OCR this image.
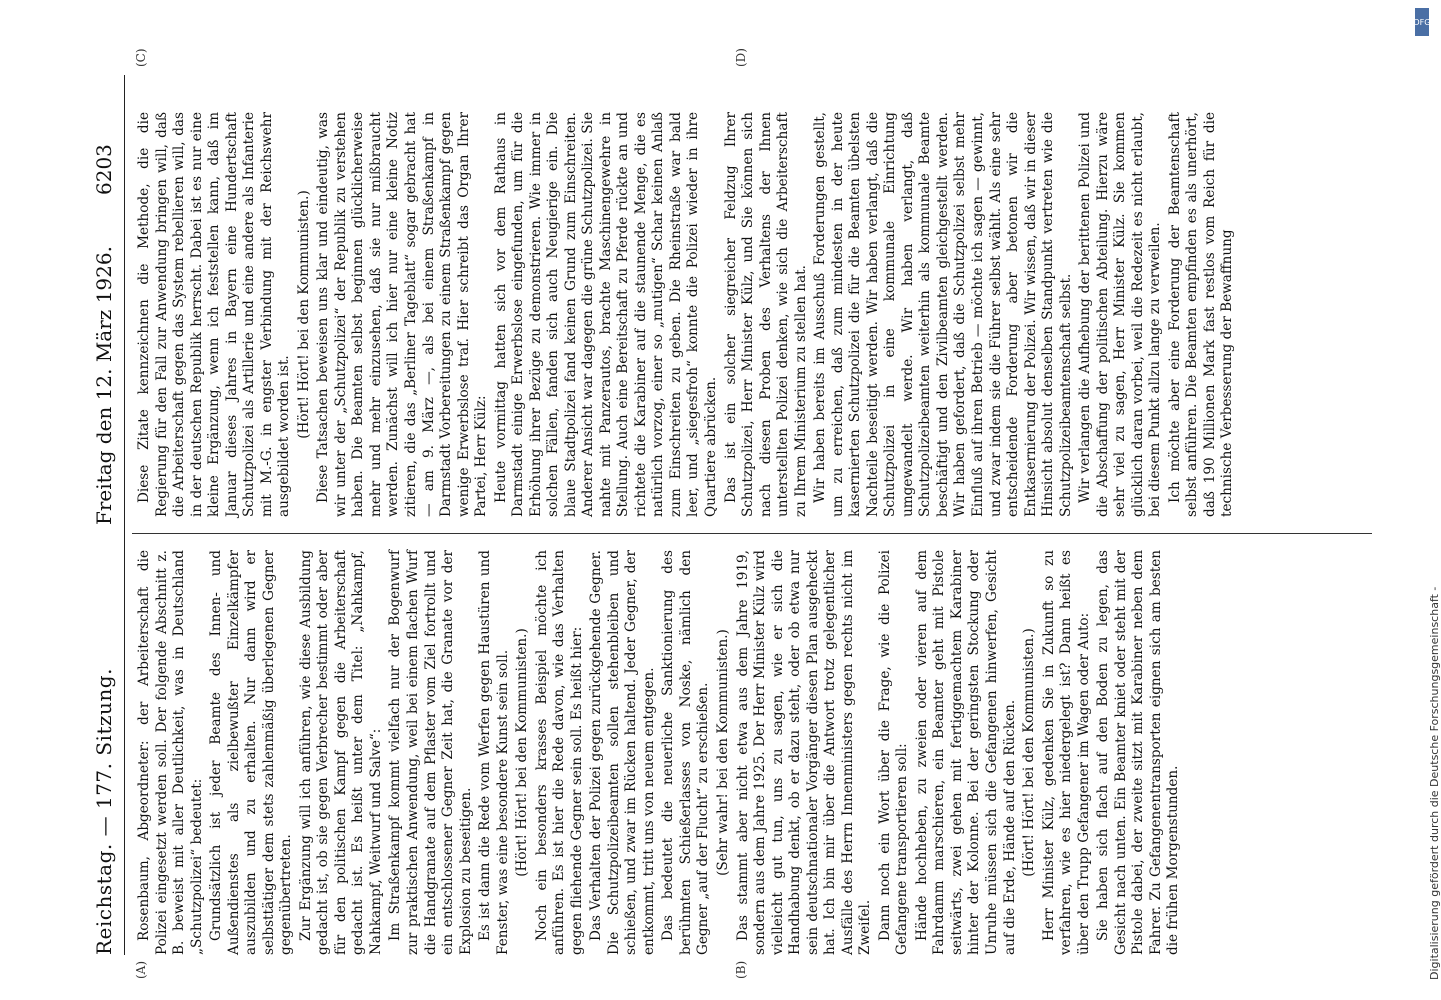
Reichstag. — 177. Sitzung.
Freitag den 12. März 1926.
6203
(A)	(B)
(C)	(D)

Rosenbaum, Abgeordneter: der Arbeiterschaft die Polizei eingesetzt werden soll. Der folgende Abschnitt z. B. beweist mit aller Deutlichkeit, was in Deutschland „Schutzpolizei“ bedeutet: Grundsätzlich ist jeder Beamte des Innen- und Außendienstes als zielbewußter Einzelkämpfer auszubilden und zu erhalten. Nur dann wird er selbsttätiger dem stets zahlenmäßig überlegenen Gegner gegenübertreten. Zur Ergänzung will ich anführen, wie diese Ausbildung gedacht ist, ob sie gegen Verbrecher bestimmt oder aber für den politischen Kampf gegen die Arbeiterschaft gedacht ist. Es heißt unter dem Titel: „Nahkampf, Nahkampf, Weitwurf und Salve“: Im Straßenkampf kommt vielfach nur der Bogenwurf zur praktischen Anwendung, weil bei einem flachen Wurf die Handgranate auf dem Pflaster vom Ziel fortrollt und ein entschlossener Gegner Zeit hat, die Granate vor der Explosion zu beseitigen. Es ist dann die Rede vom Werfen gegen Haustüren und Fenster, was eine besondere Kunst sein soll. (Hört! Hört! bei den Kommunisten.) Noch ein besonders krasses Beispiel möchte ich anführen. Es ist hier die Rede davon, wie das Verhalten gegen fliehende Gegner sein soll. Es heißt hier: Das Verhalten der Polizei gegen zurückgehende Gegner. Die Schutzpolizeibeamten sollen stehenbleiben und schießen, und zwar im Rücken haltend. Jeder Gegner, der entkommt, tritt uns von neuem entgegen. Das bedeutet die neuerliche Sanktionierung des berühmten Schießerlasses von Noske, nämlich den Gegner „auf der Flucht“ zu erschießen. (Sehr wahr! bei den Kommunisten.) Das stammt aber nicht etwa aus dem Jahre 1919, sondern aus dem Jahre 1925. Der Herr Minister Külz wird vielleicht gut tun, uns zu sagen, wie er sich die Handhabung denkt, ob er dazu steht, oder ob etwa nur sein deutschnationaler Vorgänger diesen Plan ausgeheckt hat. Ich bin mir über die Antwort trotz gelegentlicher Ausfälle des Herrn Innenministers gegen rechts nicht im Zweifel. Dann noch ein Wort über die Frage, wie die Polizei Gefangene transportieren soll: Hände hochheben, zu zweien oder vieren auf dem Fahrdamm marschieren, ein Beamter geht mit Pistole seitwärts, zwei gehen mit fertiggemachtem Karabiner hinter der Kolonne. Bei der geringsten Stockung oder Unruhe müssen sich die Gefangenen hinwerfen, Gesicht auf die Erde, Hände auf den Rücken. (Hört! Hört! bei den Kommunisten.) Herr Minister Külz, gedenken Sie in Zukunft so zu verfahren, wie es hier niedergelegt ist? Dann heißt es über den Trupp Gefangener im Wagen oder Auto: Sie haben sich flach auf den Boden zu legen, das Gesicht nach unten. Ein Beamter kniet oder steht mit der Pistole dabei, der zweite sitzt mit Karabiner neben dem Fahrer. Zu Gefangenentransporten eignen sich am besten die frühen Morgenstunden.

Diese Zitate kennzeichnen die Methode, die die Regierung für den Fall zur Anwendung bringen will, daß die Arbeiterschaft gegen das System rebellieren will, das in der deutschen Republik herrscht. Dabei ist es nur eine kleine Ergänzung, wenn ich feststellen kann, daß im Januar dieses Jahres in Bayern eine Hundertschaft Schutzpolizei als Artillerie und eine andere als Infanterie mit M.-G. in engster Verbindung mit der Reichswehr ausgebildet worden ist. (Hört! Hört! bei den Kommunisten.) Diese Tatsachen beweisen uns klar und eindeutig, was wir unter der „Schutzpolizei“ der Republik zu verstehen haben. Die Beamten selbst beginnen glücklicherweise mehr und mehr einzusehen, daß sie nur mißbraucht werden. Zunächst will ich hier nur eine kleine Notiz zitieren, die das „Berliner Tageblatt“ sogar gebracht hat — am 9. März —, als bei einem Straßenkampf in Darmstadt Vorbereitungen zu einem Straßenkampf gegen wenige Erwerbslose traf. Hier schreibt das Organ Ihrer Partei, Herr Külz: Heute vormittag hatten sich vor dem Rathaus in Darmstadt einige Erwerbslose eingefunden, um für die Erhöhung ihrer Bezüge zu demonstrieren. Wie immer in solchen Fällen, fanden sich auch Neugierige ein. Die blaue Stadtpolizei fand keinen Grund zum Einschreiten. Anderer Ansicht war dagegen die grüne Schutzpolizei. Sie nahte mit Panzerautos, brachte Maschinengewehre in Stellung. Auch eine Bereitschaft zu Pferde rückte an und richtete die Karabiner auf die staunende Menge, die es natürlich vorzog, einer so „mutigen“ Schar keinen Anlaß zum Einschreiten zu geben. Die Rheinstraße war bald leer, und „siegesfroh“ konnte die Polizei wieder in ihre Quartiere abrücken. Das ist ein solcher siegreicher Feldzug Ihrer Schutzpolizei, Herr Minister Külz, und Sie können sich nach diesen Proben des Verhaltens der Ihnen unterstellten Polizei denken, wie sich die Arbeiterschaft zu Ihrem Ministerium zu stellen hat. Wir haben bereits im Ausschuß Forderungen gestellt, um zu erreichen, daß zum mindesten in der heute kasernierten Schutzpolizei die für die Beamten übelsten Nachteile beseitigt werden. Wir haben verlangt, daß die Schutzpolizei in eine kommunale Einrichtung umgewandelt werde. Wir haben verlangt, daß Schutzpolizeibeamten weiterhin als kommunale Beamte beschäftigt und den Zivilbeamten gleichgestellt werden. Wir haben gefordert, daß die Schutzpolizei selbst mehr Einfluß auf ihren Betrieb — möchte ich sagen — gewinnt, und zwar indem sie die Führer selbst wählt. Als eine sehr entscheidende Forderung aber betonen wir die Entkasernierung der Polizei. Wir wissen, daß wir in dieser Hinsicht absolut denselben Standpunkt vertreten wie die Schutzpolizeibeamtenschaft selbst. Wir verlangen die Aufhebung der berittenen Polizei und die Abschaffung der politischen Abteilung. Hierzu wäre sehr viel zu sagen, Herr Minister Külz. Sie kommen glücklich daran vorbei, weil die Redezeit es nicht erlaubt, bei diesem Punkt allzu lange zu verweilen. Ich möchte aber eine Forderung der Beamtenschaft selbst anführen. Die Beamten empfinden es als unerhört, daß 190 Millionen Mark fast restlos vom Reich für die technische Verbesserung der Bewaffnung

DFG
Digitalisierung gefördert durch die Deutsche Forschungsgemeinschaft -
